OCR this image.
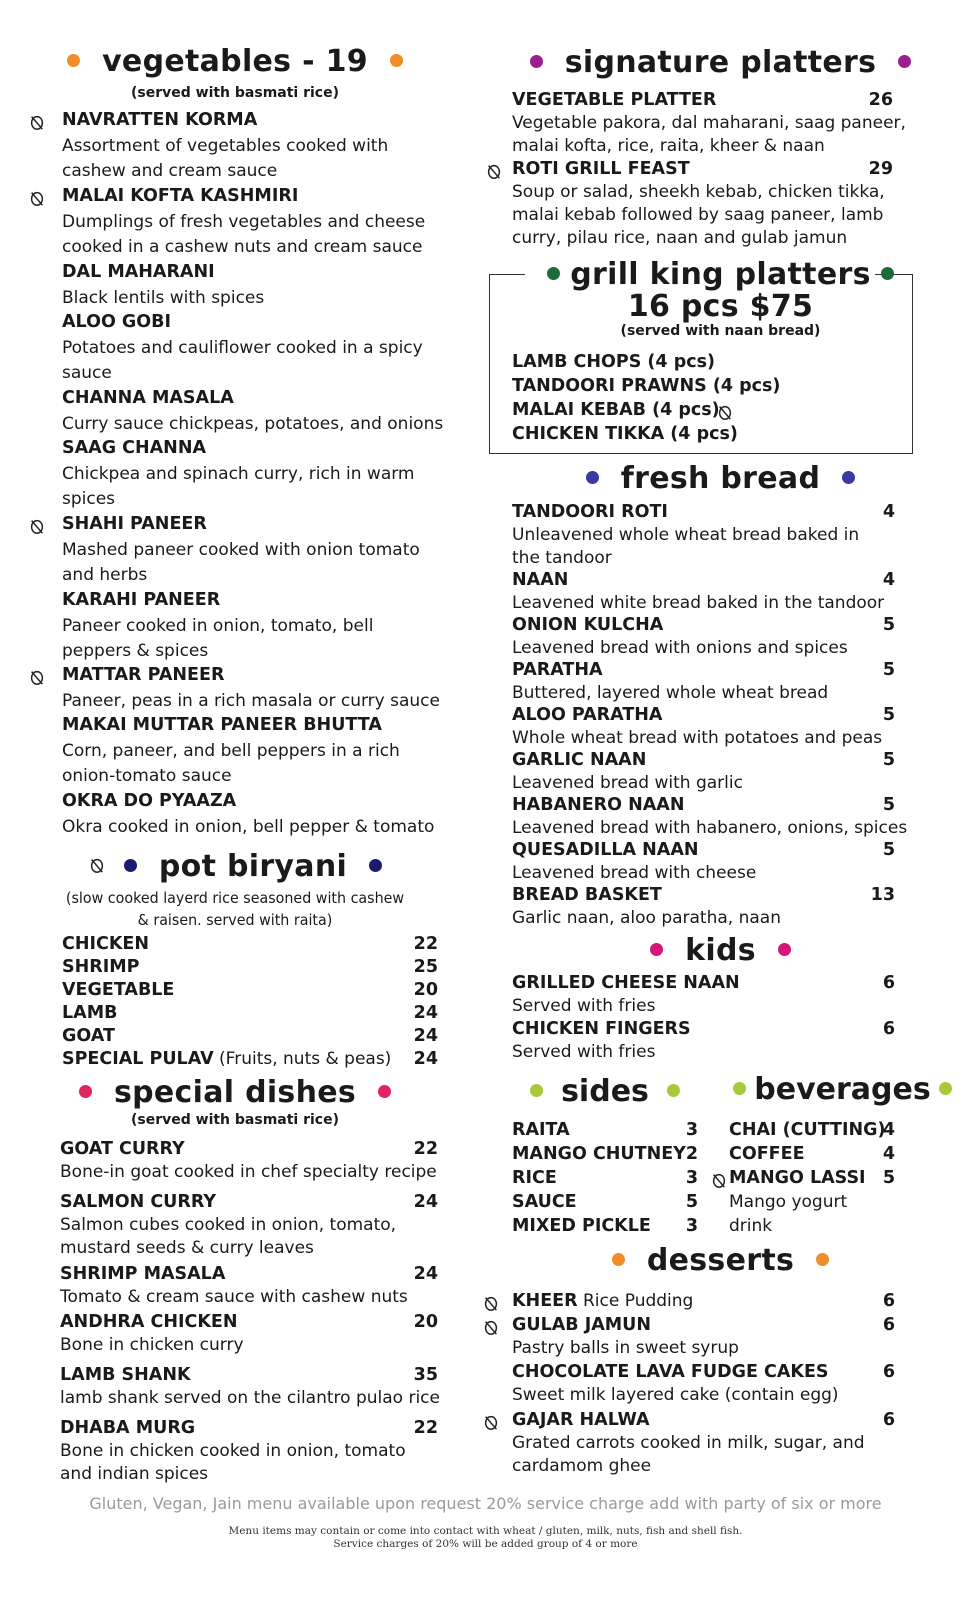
vegetables - 19
(served with basmati rice)
NAVRATTEN KORMA
Assortment of vegetables cooked with cashew and cream sauce
MALAI KOFTA KASHMIRI
Dumplings of fresh vegetables and cheese cooked in a cashew nuts and cream sauce
DAL MAHARANI
Black lentils with spices
ALOO GOBI
Potatoes and cauliflower cooked in a spicy sauce
CHANNA MASALA
Curry sauce chickpeas, potatoes, and onions
SAAG CHANNA
Chickpea and spinach curry, rich in warm spices
SHAHI PANEER
Mashed paneer cooked with onion tomato and herbs
KARAHI PANEER
Paneer cooked in onion, tomato, bell peppers & spices
MATTAR PANEER
Paneer, peas in a rich masala or curry sauce
MAKAI MUTTAR PANEER BHUTTA
Corn, paneer, and bell peppers in a rich onion-tomato sauce
OKRA DO PYAAZA
Okra cooked in onion, bell pepper & tomato
pot biryani
(slow cooked layerd rice seasoned with cashew
& raisen. served with raita)
CHICKEN	22
SHRIMP	25
VEGETABLE	20
LAMB	24
GOAT	24
SPECIAL PULAV (Fruits, nuts & peas)	24
special dishes
(served with basmati rice)
GOAT CURRY	22
Bone-in goat cooked in chef specialty recipe
SALMON CURRY	24
Salmon cubes cooked in onion, tomato, mustard seeds & curry leaves
SHRIMP MASALA	24
Tomato & cream sauce with cashew nuts
ANDHRA CHICKEN	20
Bone in chicken curry
LAMB SHANK	35
lamb shank served on the cilantro pulao rice
DHABA MURG	22
Bone in chicken cooked in onion, tomato and indian spices
signature platters
VEGETABLE PLATTER	26
Vegetable pakora, dal maharani, saag paneer, malai kofta, rice, raita, kheer & naan
ROTI GRILL FEAST	29
Soup or salad, sheekh kebab, chicken tikka, malai kebab followed by saag paneer, lamb curry, pilau rice, naan and gulab jamun
grill king platters
16 pcs $75
(served with naan bread)
LAMB CHOPS (4 pcs)
TANDOORI PRAWNS (4 pcs)
MALAI KEBAB (4 pcs)
CHICKEN TIKKA (4 pcs)
fresh bread
TANDOORI ROTI	4
Unleavened whole wheat bread baked in the tandoor
NAAN	4
Leavened white bread baked in the tandoor
ONION KULCHA	5
Leavened bread with onions and spices
PARATHA	5
Buttered, layered whole wheat bread
ALOO PARATHA	5
Whole wheat bread with potatoes and peas
GARLIC NAAN	5
Leavened bread with garlic
HABANERO NAAN	5
Leavened bread with habanero, onions, spices
QUESADILLA NAAN	5
Leavened bread with cheese
BREAD BASKET	13
Garlic naan, aloo paratha, naan
kids
GRILLED CHEESE NAAN	6
Served with fries
CHICKEN FINGERS	6
Served with fries
sides
RAITA	3
MANGO CHUTNEY 2
RICE	3
SAUCE	5
MIXED PICKLE	3
beverages
CHAI (CUTTING)
4
COFFEE	4
MANGO LASSI 5
Mango yogurt
drink
desserts
KHEER Rice Pudding	6
GULAB JAMUN	6
Pastry balls in sweet syrup
CHOCOLATE LAVA FUDGE CAKES	6
Sweet milk layered cake (contain egg)
GAJAR HALWA	6
Grated carrots cooked in milk, sugar, and cardamom ghee
Gluten, Vegan, Jain menu available upon request 20% service charge add with party of six or more
Menu items may contain or come into contact with wheat / gluten, milk, nuts, fish and shell fish.
Service charges of 20% will be added group of 4 or more
